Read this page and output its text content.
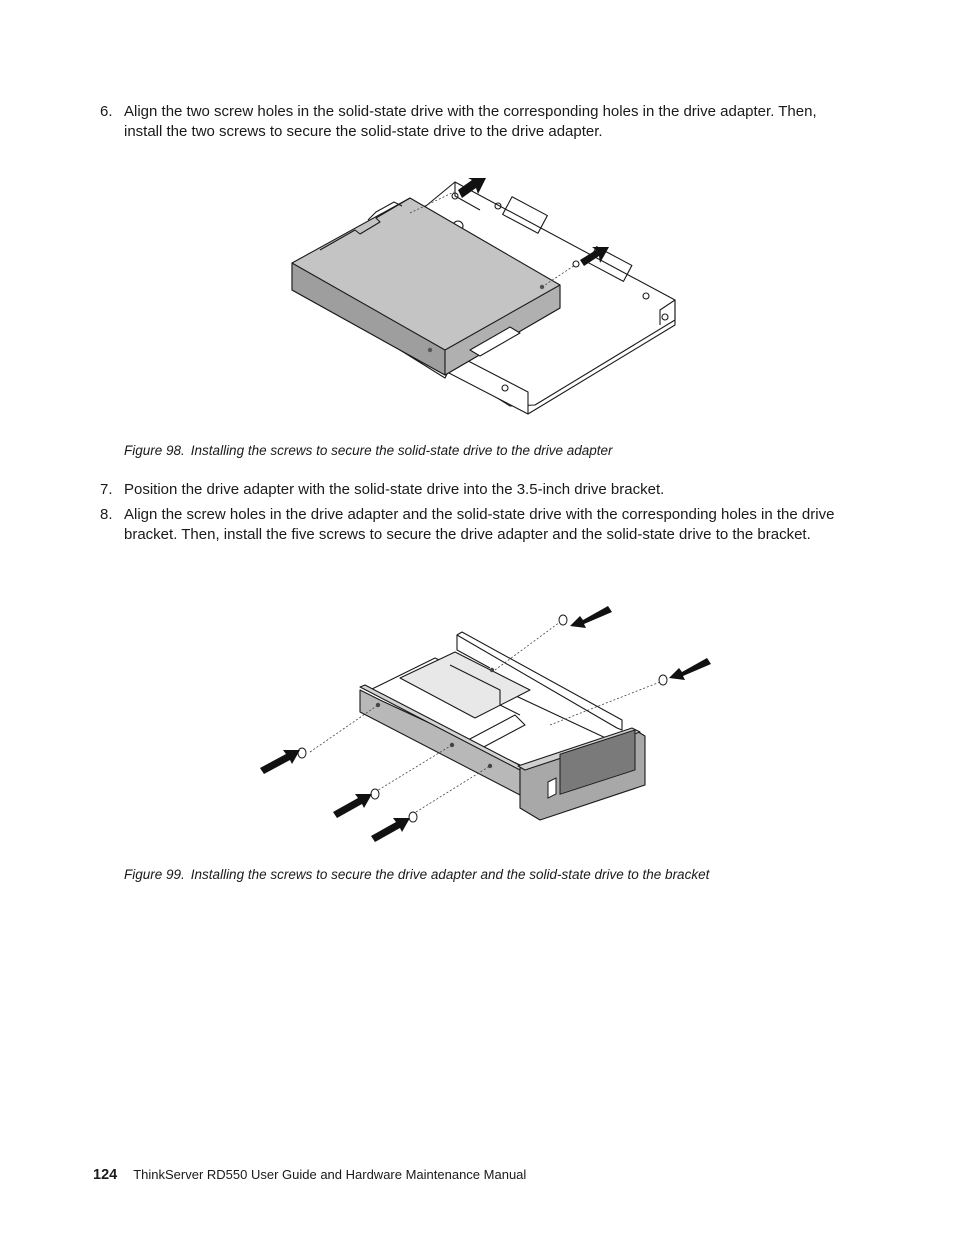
6. Align the two screw holes in the solid-state drive with the corresponding holes in the drive adapter. Then, install the two screws to secure the solid-state drive to the drive adapter.
Figure 98. Installing the screws to secure the solid-state drive to the drive adapter
7. Position the drive adapter with the solid-state drive into the 3.5-inch drive bracket.
8. Align the screw holes in the drive adapter and the solid-state drive with the corresponding holes in the drive bracket. Then, install the five screws to secure the drive adapter and the solid-state drive to the bracket.
Figure 99. Installing the screws to secure the drive adapter and the solid-state drive to the bracket
124 ThinkServer RD550 User Guide and Hardware Maintenance Manual
